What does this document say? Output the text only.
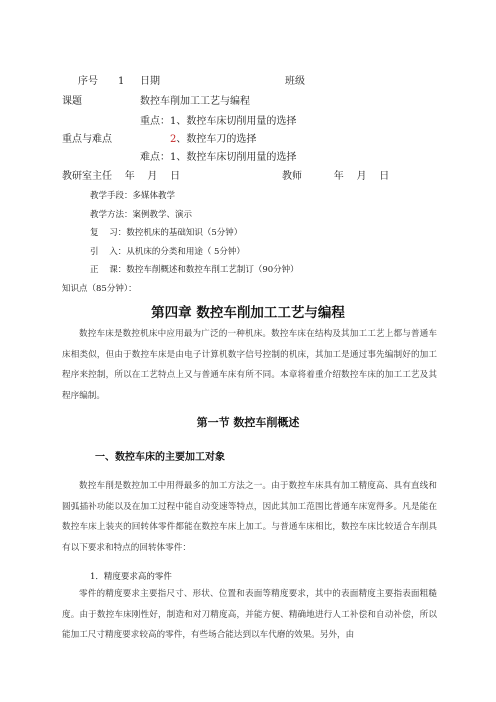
序号 1 日期	班级
课题	数控车削加工工艺与编程
重点：1、数控车床切削用量的选择
重点与难点	2、数控车刀的选择
难点：1、数控车床切削用量的选择
教研室主任    年    月    日	教师          年    月    日
教学手段：多媒体教学
教学方法：案例教学、演示
复    习：数控机床的基础知识（5分钟）
引    入：从机床的分类和用途（ 5分钟）
正    课：数控车削概述和数控车削工艺制订（90分钟）
知识点（85分钟）：
第四章 数控车削加工工艺与编程
数控车床是数控机床中应用最为广泛的一种机床。数控车床在结构及其加工工艺上都与普通车床相类似，但由于数控车床是由电子计算机数字信号控制的机床，其加工是通过事先编制好的加工程序来控制，所以在工艺特点上又与普通车床有所不同。本章将着重介绍数控车床的加工工艺及其程序编制。
第一节 数控车削概述
一、数控车床的主要加工对象
数控车削是数控加工中用得最多的加工方法之一。由于数控车床具有加工精度高、具有直线和圆弧插补功能以及在加工过程中能自动变速等特点，因此其加工范围比普通车床宽得多。凡是能在数控车床上装夹的回转体零件都能在数控车床上加工。与普通车床相比，数控车床比较适合车削具有以下要求和特点的回转体零件：
1．精度要求高的零件
零件的精度要求主要指尺寸、形状、位置和表面等精度要求，其中的表面精度主要指表面粗糙度。由于数控车床刚性好，制造和对刀精度高，并能方便、精确地进行人工补偿和自动补偿，所以能加工尺寸精度要求较高的零件，有些场合能达到以车代磨的效果。另外，由
